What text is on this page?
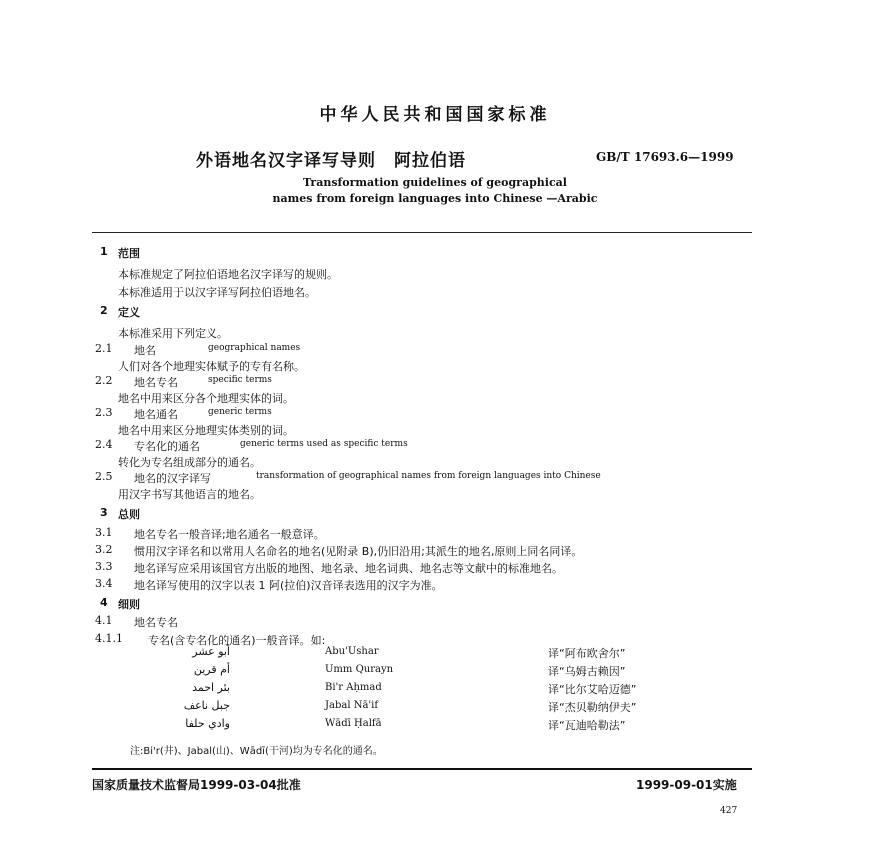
中华人民共和国国家标准
外语地名汉字译写导则　阿拉伯语	GB/T 17693.6—1999
Transformation guidelines of geographical
names from foreign languages into Chinese —Arabic
1 范围
本标准规定了阿拉伯语地名汉字译写的规则。
本标准适用于以汉字译写阿拉伯语地名。
2 定义
本标准采用下列定义。
2.1 地名	geographical names
人们对各个地理实体赋予的专有名称。
2.2 地名专名	specific terms
地名中用来区分各个地理实体的词。
2.3 地名通名	generic terms
地名中用来区分地理实体类别的词。
2.4 专名化的通名	generic terms used as specific terms
转化为专名组成部分的通名。
2.5 地名的汉字译写	transformation of geographical names from foreign languages into Chinese
用汉字书写其他语言的地名。
3 总则
3.1 地名专名一般音译;地名通名一般意译。
3.2 惯用汉字译名和以常用人名命名的地名(见附录 B),仍旧沿用;其派生的地名,原则上同名同译。
3.3 地名译写应采用该国官方出版的地图、地名录、地名词典、地名志等文献中的标准地名。
3.4 地名译写使用的汉字以表 1 阿(拉伯)汉音译表选用的汉字为准。
4 细则
4.1 地名专名
4.1.1 专名(含专名化的通名)一般音译。如:
أبو عشر	Abu'Ushar	译“阿布欧舍尔”
أم قرين	Umm Qurayn	译“乌姆古赖因”
بئر احمد	Bi'r Aḥmad	译“比尔艾哈迈德”
جبل ناعف	Jabal Nā'if	译“杰贝勒纳伊夫”
وادي حلفا	Wādī Ḥalfā	译“瓦迪哈勒法”
注:Bi'r(井)、Jabal(山)、Wādī(干河)均为专名化的通名。
国家质量技术监督局1999-03-04批准	1999-09-01实施
427
